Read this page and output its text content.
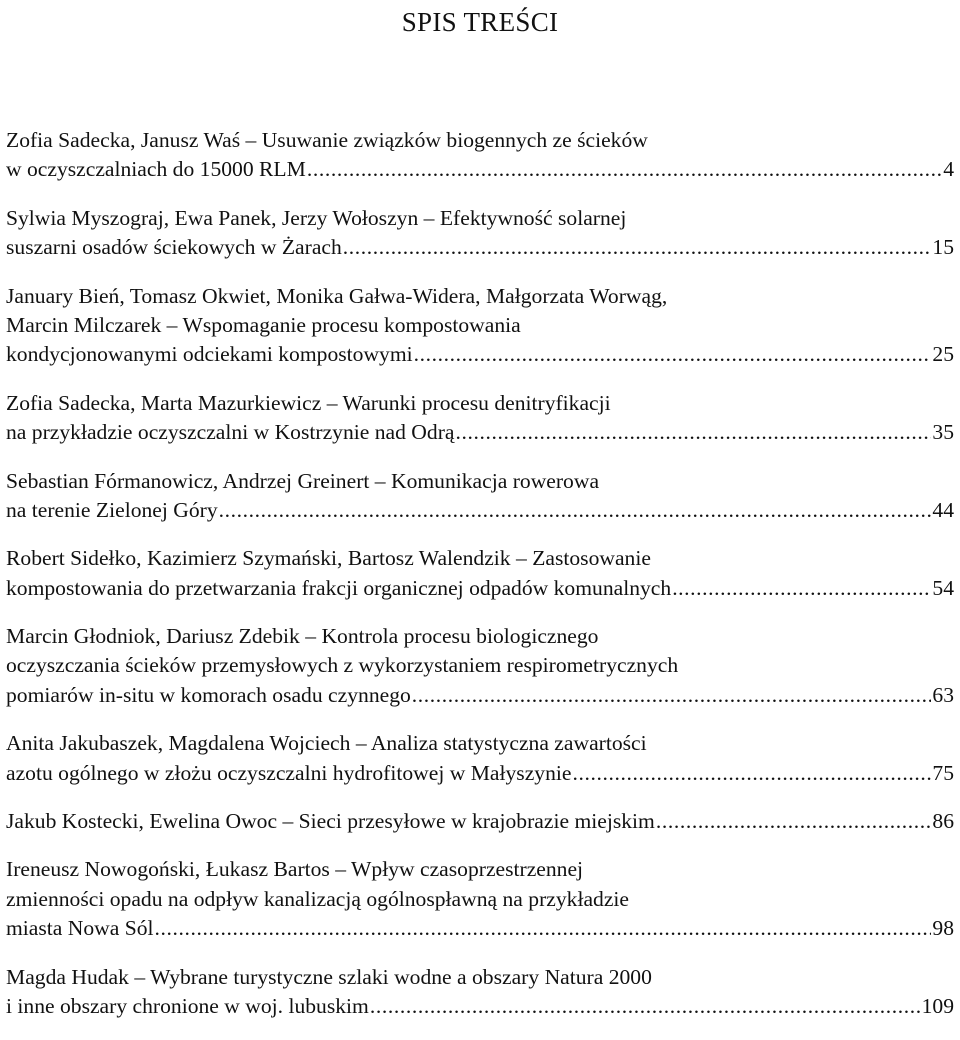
SPIS TREŚCI
Zofia Sadecka, Janusz Waś – Usuwanie związków biogennych ze ścieków
w oczyszczalniach do 15000 RLM .....	4
Sylwia Myszograj, Ewa Panek, Jerzy Wołoszyn – Efektywność solarnej
suszarni osadów ściekowych w Żarach .....	15
January Bień, Tomasz Okwiet, Monika Gałwa-Widera, Małgorzata Worwąg,
Marcin Milczarek – Wspomaganie procesu kompostowania
kondycjonowanymi odciekami kompostowymi .....	25
Zofia Sadecka, Marta Mazurkiewicz – Warunki procesu denitryfikacji
na przykładzie oczyszczalni w Kostrzynie nad Odrą .....	35
Sebastian Fórmanowicz, Andrzej Greinert – Komunikacja rowerowa
na terenie Zielonej Góry .....	44
Robert Sidełko, Kazimierz Szymański, Bartosz Walendzik – Zastosowanie
kompostowania do przetwarzania frakcji organicznej odpadów komunalnych .....	54
Marcin Głodniok, Dariusz Zdebik – Kontrola procesu biologicznego
oczyszczania ścieków przemysłowych z wykorzystaniem respirometrycznych
pomiarów in-situ w komorach osadu czynnego .....	63
Anita Jakubaszek, Magdalena Wojciech – Analiza statystyczna zawartości
azotu ogólnego w złożu oczyszczalni hydrofitowej w Małyszynie .....	75
Jakub Kostecki, Ewelina Owoc – Sieci przesyłowe w krajobrazie miejskim .....	86
Ireneusz Nowogoński, Łukasz Bartos – Wpływ czasoprzestrzennej
zmienności opadu na odpływ kanalizacją ogólnospławną na przykładzie
miasta Nowa Sól .....	98
Magda Hudak – Wybrane turystyczne szlaki wodne a obszary Natura 2000
i inne obszary chronione w woj. lubuskim .....	109
